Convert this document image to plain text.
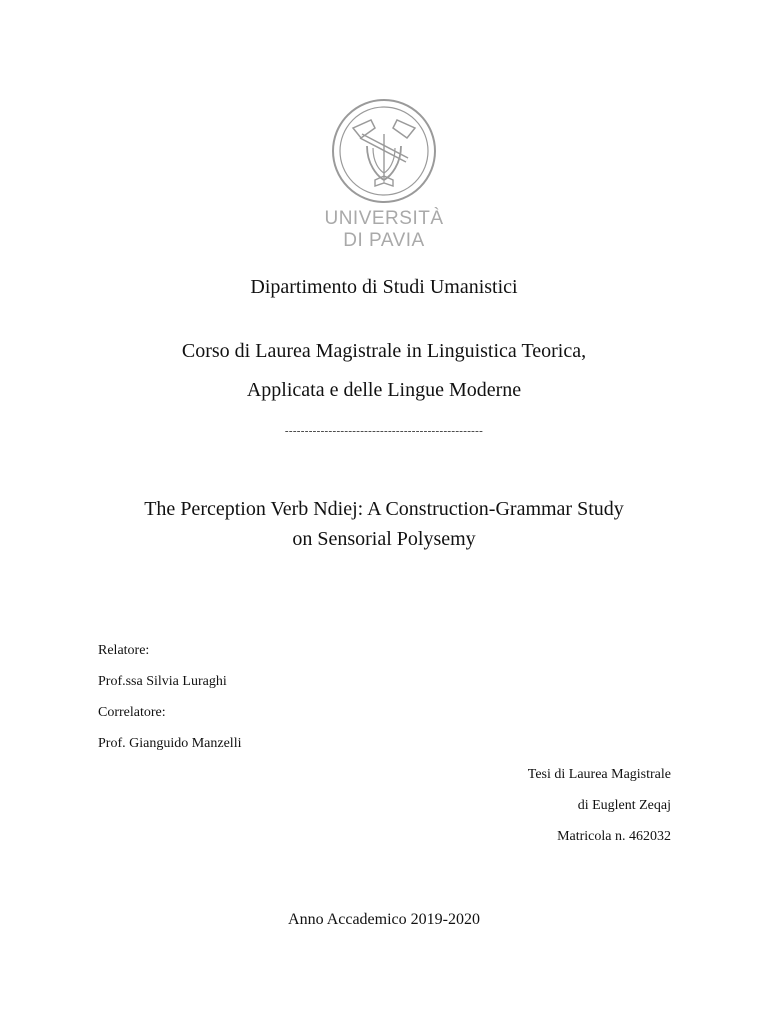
UNIVERSITÀ
DI PAVIA
Dipartimento di Studi Umanistici
Corso di Laurea Magistrale in Linguistica Teorica,
Applicata e delle Lingue Moderne
--------------------------------------------------
The Perception Verb Ndiej: A Construction-Grammar Study
on Sensorial Polysemy
Relatore:
Prof.ssa Silvia Luraghi
Correlatore:
Prof. Gianguido Manzelli
Tesi di Laurea Magistrale
di Euglent Zeqaj
Matricola n. 462032
Anno Accademico 2019-2020
